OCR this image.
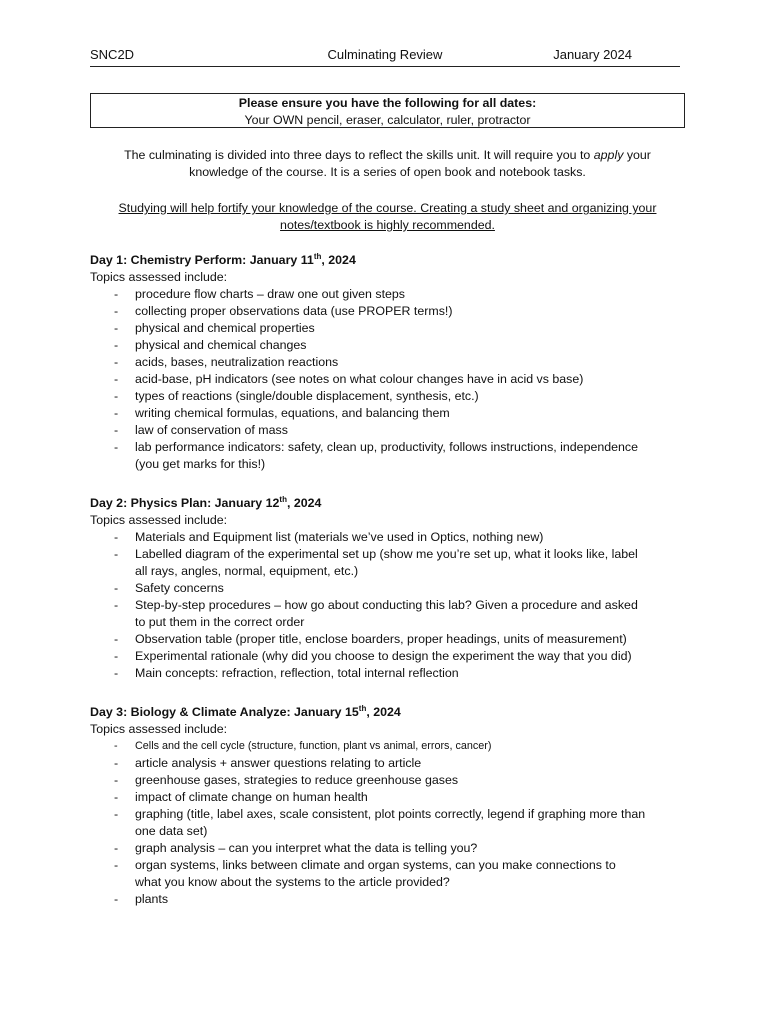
SNC2D	Culminating Review	January 2024
Please ensure you have the following for all dates:
Your OWN pencil, eraser, calculator, ruler, protractor
The culminating is divided into three days to reflect the skills unit. It will require you to apply your
knowledge of the course. It is a series of open book and notebook tasks.
Studying will help fortify your knowledge of the course. Creating a study sheet and organizing your
notes/textbook is highly recommended.
Day 1: Chemistry Perform: January 11th, 2024
Topics assessed include:
- procedure flow charts – draw one out given steps
- collecting proper observations data (use PROPER terms!)
- physical and chemical properties
- physical and chemical changes
- acids, bases, neutralization reactions
- acid-base, pH indicators (see notes on what colour changes have in acid vs base)
- types of reactions (single/double displacement, synthesis, etc.)
- writing chemical formulas, equations, and balancing them
- law of conservation of mass
- lab performance indicators: safety, clean up, productivity, follows instructions, independence (you get marks for this!)
Day 2: Physics Plan: January 12th, 2024
Topics assessed include:
- Materials and Equipment list (materials we’ve used in Optics, nothing new)
- Labelled diagram of the experimental set up (show me you’re set up, what it looks like, label all rays, angles, normal, equipment, etc.)
- Safety concerns
- Step-by-step procedures – how go about conducting this lab? Given a procedure and asked to put them in the correct order
- Observation table (proper title, enclose boarders, proper headings, units of measurement)
- Experimental rationale (why did you choose to design the experiment the way that you did)
- Main concepts: refraction, reflection, total internal reflection
Day 3: Biology & Climate Analyze: January 15th, 2024
Topics assessed include:
- Cells and the cell cycle (structure, function, plant vs animal, errors, cancer)
- article analysis + answer questions relating to article
- greenhouse gases, strategies to reduce greenhouse gases
- impact of climate change on human health
- graphing (title, label axes, scale consistent, plot points correctly, legend if graphing more than one data set)
- graph analysis – can you interpret what the data is telling you?
- organ systems, links between climate and organ systems, can you make connections to what you know about the systems to the article provided?
- plants
